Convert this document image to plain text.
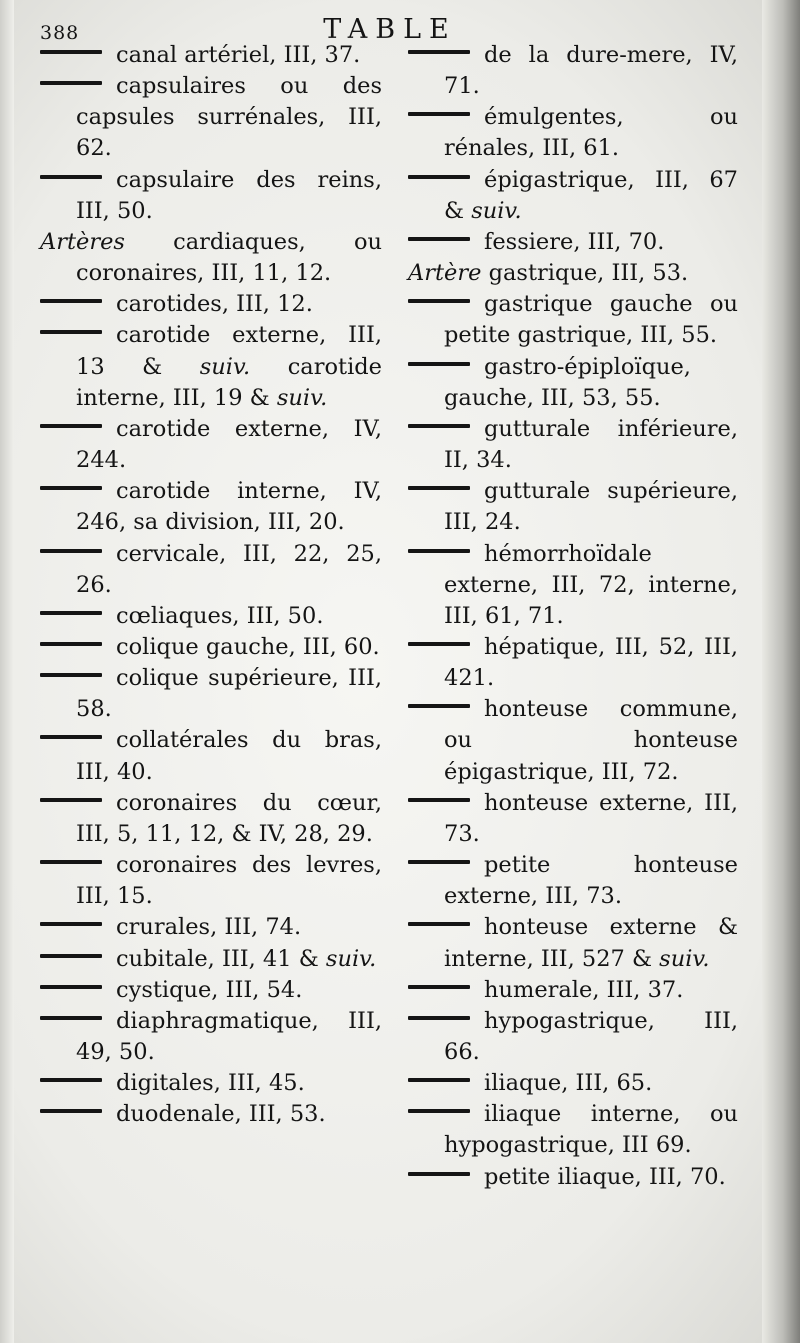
388	TABLE

canal artériel, III, 37.

capsulaires ou des capsules surrénales, III, 62.

capsulaire des reins, III, 50.

Artères cardiaques, ou coronaires, III, 11, 12.

carotides, III, 12.

carotide externe, III, 13 & suiv. carotide interne, III, 19 & suiv.

carotide externe, IV, 244.

carotide interne, IV, 246, sa division, III, 20.

cervicale, III, 22, 25, 26.

cœliaques, III, 50.

colique gauche, III, 60.

colique supérieure, III, 58.

collatérales du bras, III, 40.

coronaires du cœur, III, 5, 11, 12, & IV, 28, 29.

coronaires des levres, III, 15.

crurales, III, 74.

cubitale, III, 41 & suiv.

cystique, III, 54.

diaphragmatique, III, 49, 50.

digitales, III, 45.

duodenale, III, 53.

de la dure-mere, IV, 71.

émulgentes, ou rénales, III, 61.

épigastrique, III, 67 & suiv.

fessiere, III, 70.

Artère gastrique, III, 53.

gastrique gauche ou petite gastrique, III, 55.

gastro-épiploïque, gauche, III, 53, 55.

gutturale inférieure, II, 34.

gutturale supérieure, III, 24.

hémorrhoïdale externe, III, 72, interne, III, 61, 71.

hépatique, III, 52, III, 421.

honteuse commune, ou honteuse épigastrique, III, 72.

honteuse externe, III, 73.

petite honteuse externe, III, 73.

honteuse externe & interne, III, 527 & suiv.

humerale, III, 37.

hypogastrique, III, 66.

iliaque, III, 65.

iliaque interne, ou hypogastrique, III 69.

petite iliaque, III, 70.
